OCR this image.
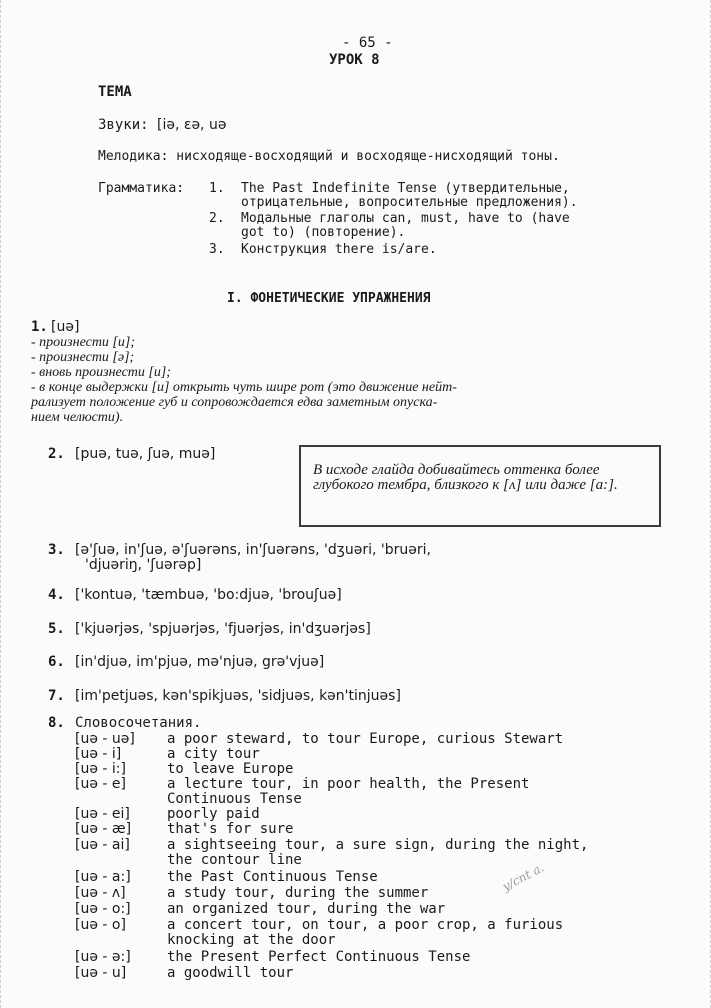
- 65 -
УРОК 8
ТЕМА
Звуки: [iə, ɛə, uə
Мелодика: нисходяще-восходящий и восходяще-нисходящий тоны.
Грамматика: 1. The Past Indefinite Tense (утвердительные,
отрицательные, вопросительные предложения).
2. Модальные глаголы can, must, have to (have
got to) (повторение).
3. Конструкция there is/are.
I. ФОНЕТИЧЕСКИЕ УПРАЖНЕНИЯ
1. [uə]
- произнести [u];
- произнести [ə];
- вновь произнести [u];
- в конце выдержки [u] открыть чуть шире рот (это движение нейт-
рализует положение губ и сопровождается едва заметным опуска-
нием челюсти).
2. [puə, tuə, ʃuə, muə]
В исходе глайда добивайтесь оттенка более глубокого тембра, близкого к [ʌ] или даже [a:].
3. [ə'ʃuə, in'ʃuə, ə'ʃuərəns, in'ʃuərəns, 'dʒuəri, 'bruəri,
'djuəriŋ, 'ʃuərəp]
4. ['kontuə, 'tæmbuə, 'bo:djuə, 'brouʃuə]
5. ['kjuərjəs, 'spjuərjəs, 'fjuərjəs, in'dʒuərjəs]
6. [in'djuə, im'pjuə, mə'njuə, grə'vjuə]
7. [im'petjuəs, kən'spikjuəs, 'sidjuəs, kən'tinjuəs]
8. Словосочетания.
[uə - uə] a poor steward, to tour Europe, curious Stewart
[uə - i]	a city tour
[uə - i:]	to leave Europe
[uə - e]	a lecture tour, in poor health, the Present
Continuous Tense
[uə - ei]	poorly paid
[uə - æ]	that's for sure
[uə - ai]	a sightseeing tour, a sure sign, during the night,
the contour line
[uə - a:]	the Past Continuous Tense
[uə - ʌ]	a study tour, during the summer
[uə - o:]	an organized tour, during the war
[uə - o]	a concert tour, on tour, a poor crop, a furious
knocking at the door
[uə - ə:]	the Present Perfect Continuous Tense
[uə - u]	a goodwill tour
y/cnt a.
